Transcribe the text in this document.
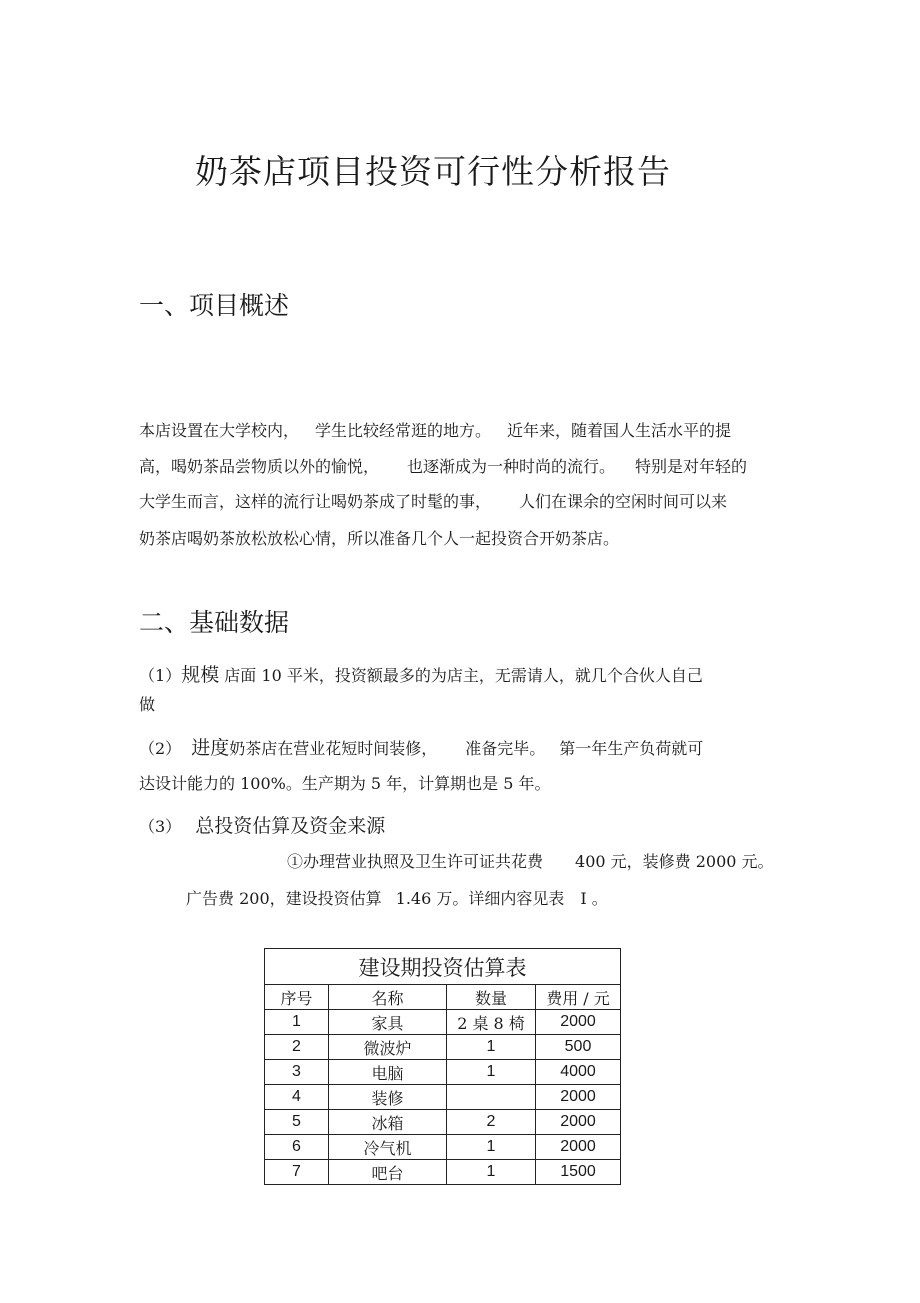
奶茶店项目投资可行性分析报告
一、项目概述
本店设置在大学校内， 学生比较经常逛的地方。 近年来，随着国人生活水平的提
高，喝奶茶品尝物质以外的愉悦， 也逐渐成为一种时尚的流行。 特别是对年轻的
大学生而言，这样的流行让喝奶茶成了时髦的事， 人们在课余的空闲时间可以来
奶茶店喝奶茶放松放松心情，所以准备几个人一起投资合开奶茶店。
二、基础数据
（1）规模 店面 10 平米，投资额最多的为店主，无需请人，就几个合伙人自己
做
（2） 进度奶茶店在营业花短时间装修， 准备完毕。 第一年生产负荷就可
达设计能力的 100%。生产期为 5 年，计算期也是 5 年。
（3） 总投资估算及资金来源
①办理营业执照及卫生许可证共花费 400 元，装修费 2000 元。
广告费 200，建设投资估算 1.46 万。详细内容见表 I 。
建设期投资估算表			
序号	名称	数量	费用 / 元
1	家具	2 桌 8 椅	2000
2	微波炉	1	500
3	电脑	1	4000
4	装修		2000
5	冰箱	2	2000
6	冷气机	1	2000
7	吧台	1	1500
